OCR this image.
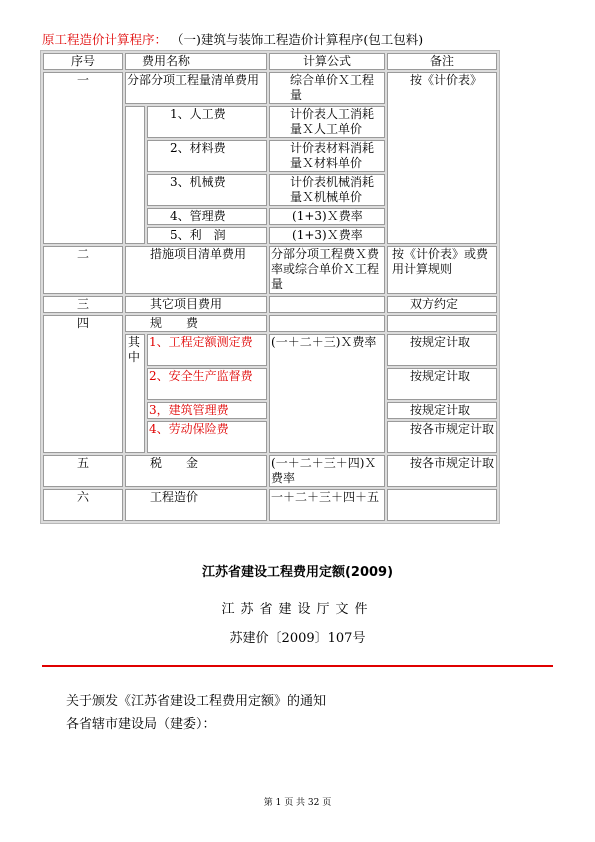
原工程造价计算程序： （一)建筑与装饰工程造价计算程序(包工包料)
序号	费用名称		计算公式	备注
一	分部分项工程量清单费用		综合单价Ｘ工程量	按《计价表》
		1、人工费	计价表人工消耗量Ｘ人工单价	
		2、材料费	计价表材料消耗量Ｘ材料单价	
		3、机械费	计价表机械消耗量Ｘ机械单价	
		4、管理费	(1+3)Ｘ费率	
		5、利　润	(1+3)Ｘ费率	
二	措施项目清单费用		分部分项工程费Ｘ费率或综合单价Ｘ工程量	按《计价表》或费用计算规则
三	其它项目费用			双方约定
四	规　　费			
	其中	1、工程定额测定费	(一＋二＋三)Ｘ费率	按规定计取
		2、安全生产监督费		按规定计取
		3，建筑管理费		按规定计取
		4、劳动保险费		按各市规定计取
五	税　　金		(一＋二＋三＋四)Ｘ费率	按各市规定计取
六	工程造价		一＋二＋三＋四＋五	
江苏省建设工程费用定额(2009)
江苏省建设厅文件
苏建价〔2009〕107号
关于颁发《江苏省建设工程费用定额》的通知
各省辖市建设局（建委）：
第 1 页 共 32 页
